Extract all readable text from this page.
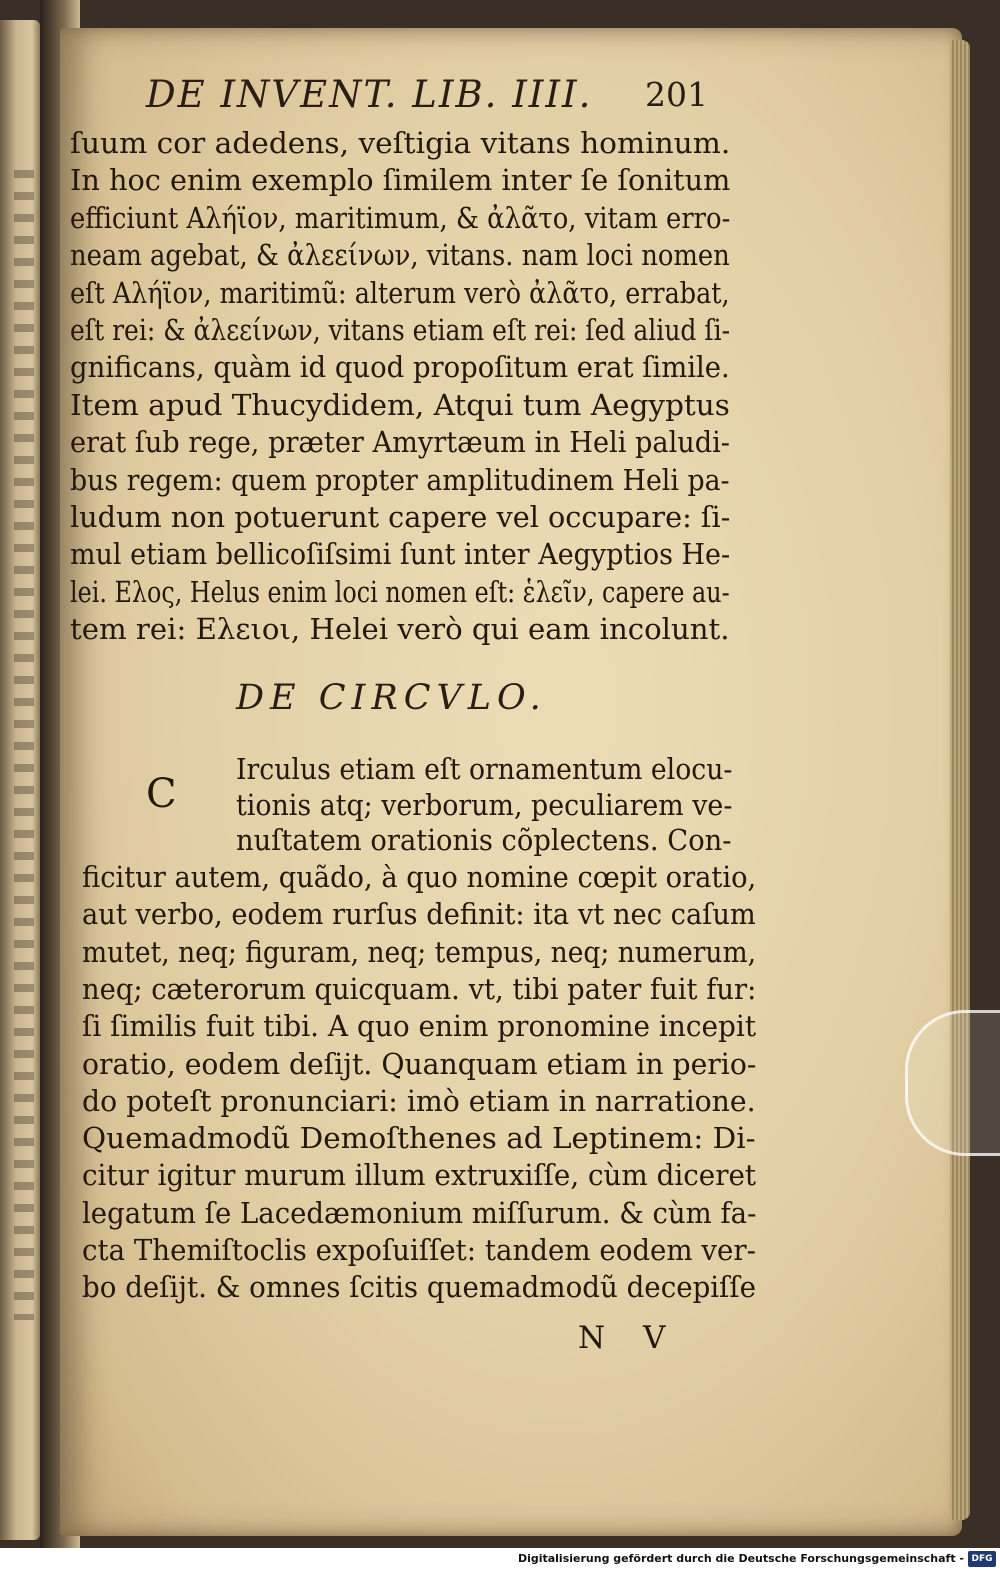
DE INVENT. LIB. IIII.	201
ſuum cor adedens, veſtigia vitans hominum.
In hoc enim exemplo ſimilem inter ſe ſonitum
efficiunt Αλήϊον, maritimum, & ἀλᾶτο, vitam erro-
neam agebat, & ἀλεείνων, vitans. nam loci nomen
eſt Αλήϊον, maritimũ: alterum verò ἀλᾶτο, errabat,
eſt rei: & ἀλεείνων, vitans etiam eſt rei: ſed aliud ſi-
gnificans, quàm id quod propoſitum erat ſimile.
Item apud Thucydidem, Atqui tum Aegyptus
erat ſub rege, præter Amyrtæum in Heli paludi-
bus regem: quem propter amplitudinem Heli pa-
ludum non potuerunt capere vel occupare: ſi-
mul etiam bellicoſiſsimi ſunt inter Aegyptios He-
lei. Ελος, Helus enim loci nomen eſt: ἑλεῖν, capere au-
tem rei: Ελειοι, Helei verò qui eam incolunt.
DE CIRCVLO.
C
Irculus etiam eſt ornamentum elocu-
tionis atq; verborum, peculiarem ve-
nuſtatem orationis cõplectens. Con-
ficitur autem, quãdo, à quo nomine cœpit oratio,
aut verbo, eodem rurſus definit: ita vt nec caſum
mutet, neq; figuram, neq; tempus, neq; numerum,
neq; cæterorum quicquam. vt, tibi pater fuit fur:
ſi ſimilis fuit tibi. A quo enim pronomine incepit
oratio, eodem deſijt. Quanquam etiam in perio-
do poteſt pronunciari: imò etiam in narratione.
Quemadmodũ Demoſthenes ad Leptinem: Di-
citur igitur murum illum extruxiſſe, cùm diceret
legatum ſe Lacedæmonium miſſurum. & cùm fa-
cta Themiſtoclis expoſuiſſet: tandem eodem ver-
bo deſijt. & omnes ſcitis quemadmodũ decepiſſe
N V
Digitalisierung gefördert durch die Deutsche Forschungsgemeinschaft - DFG
